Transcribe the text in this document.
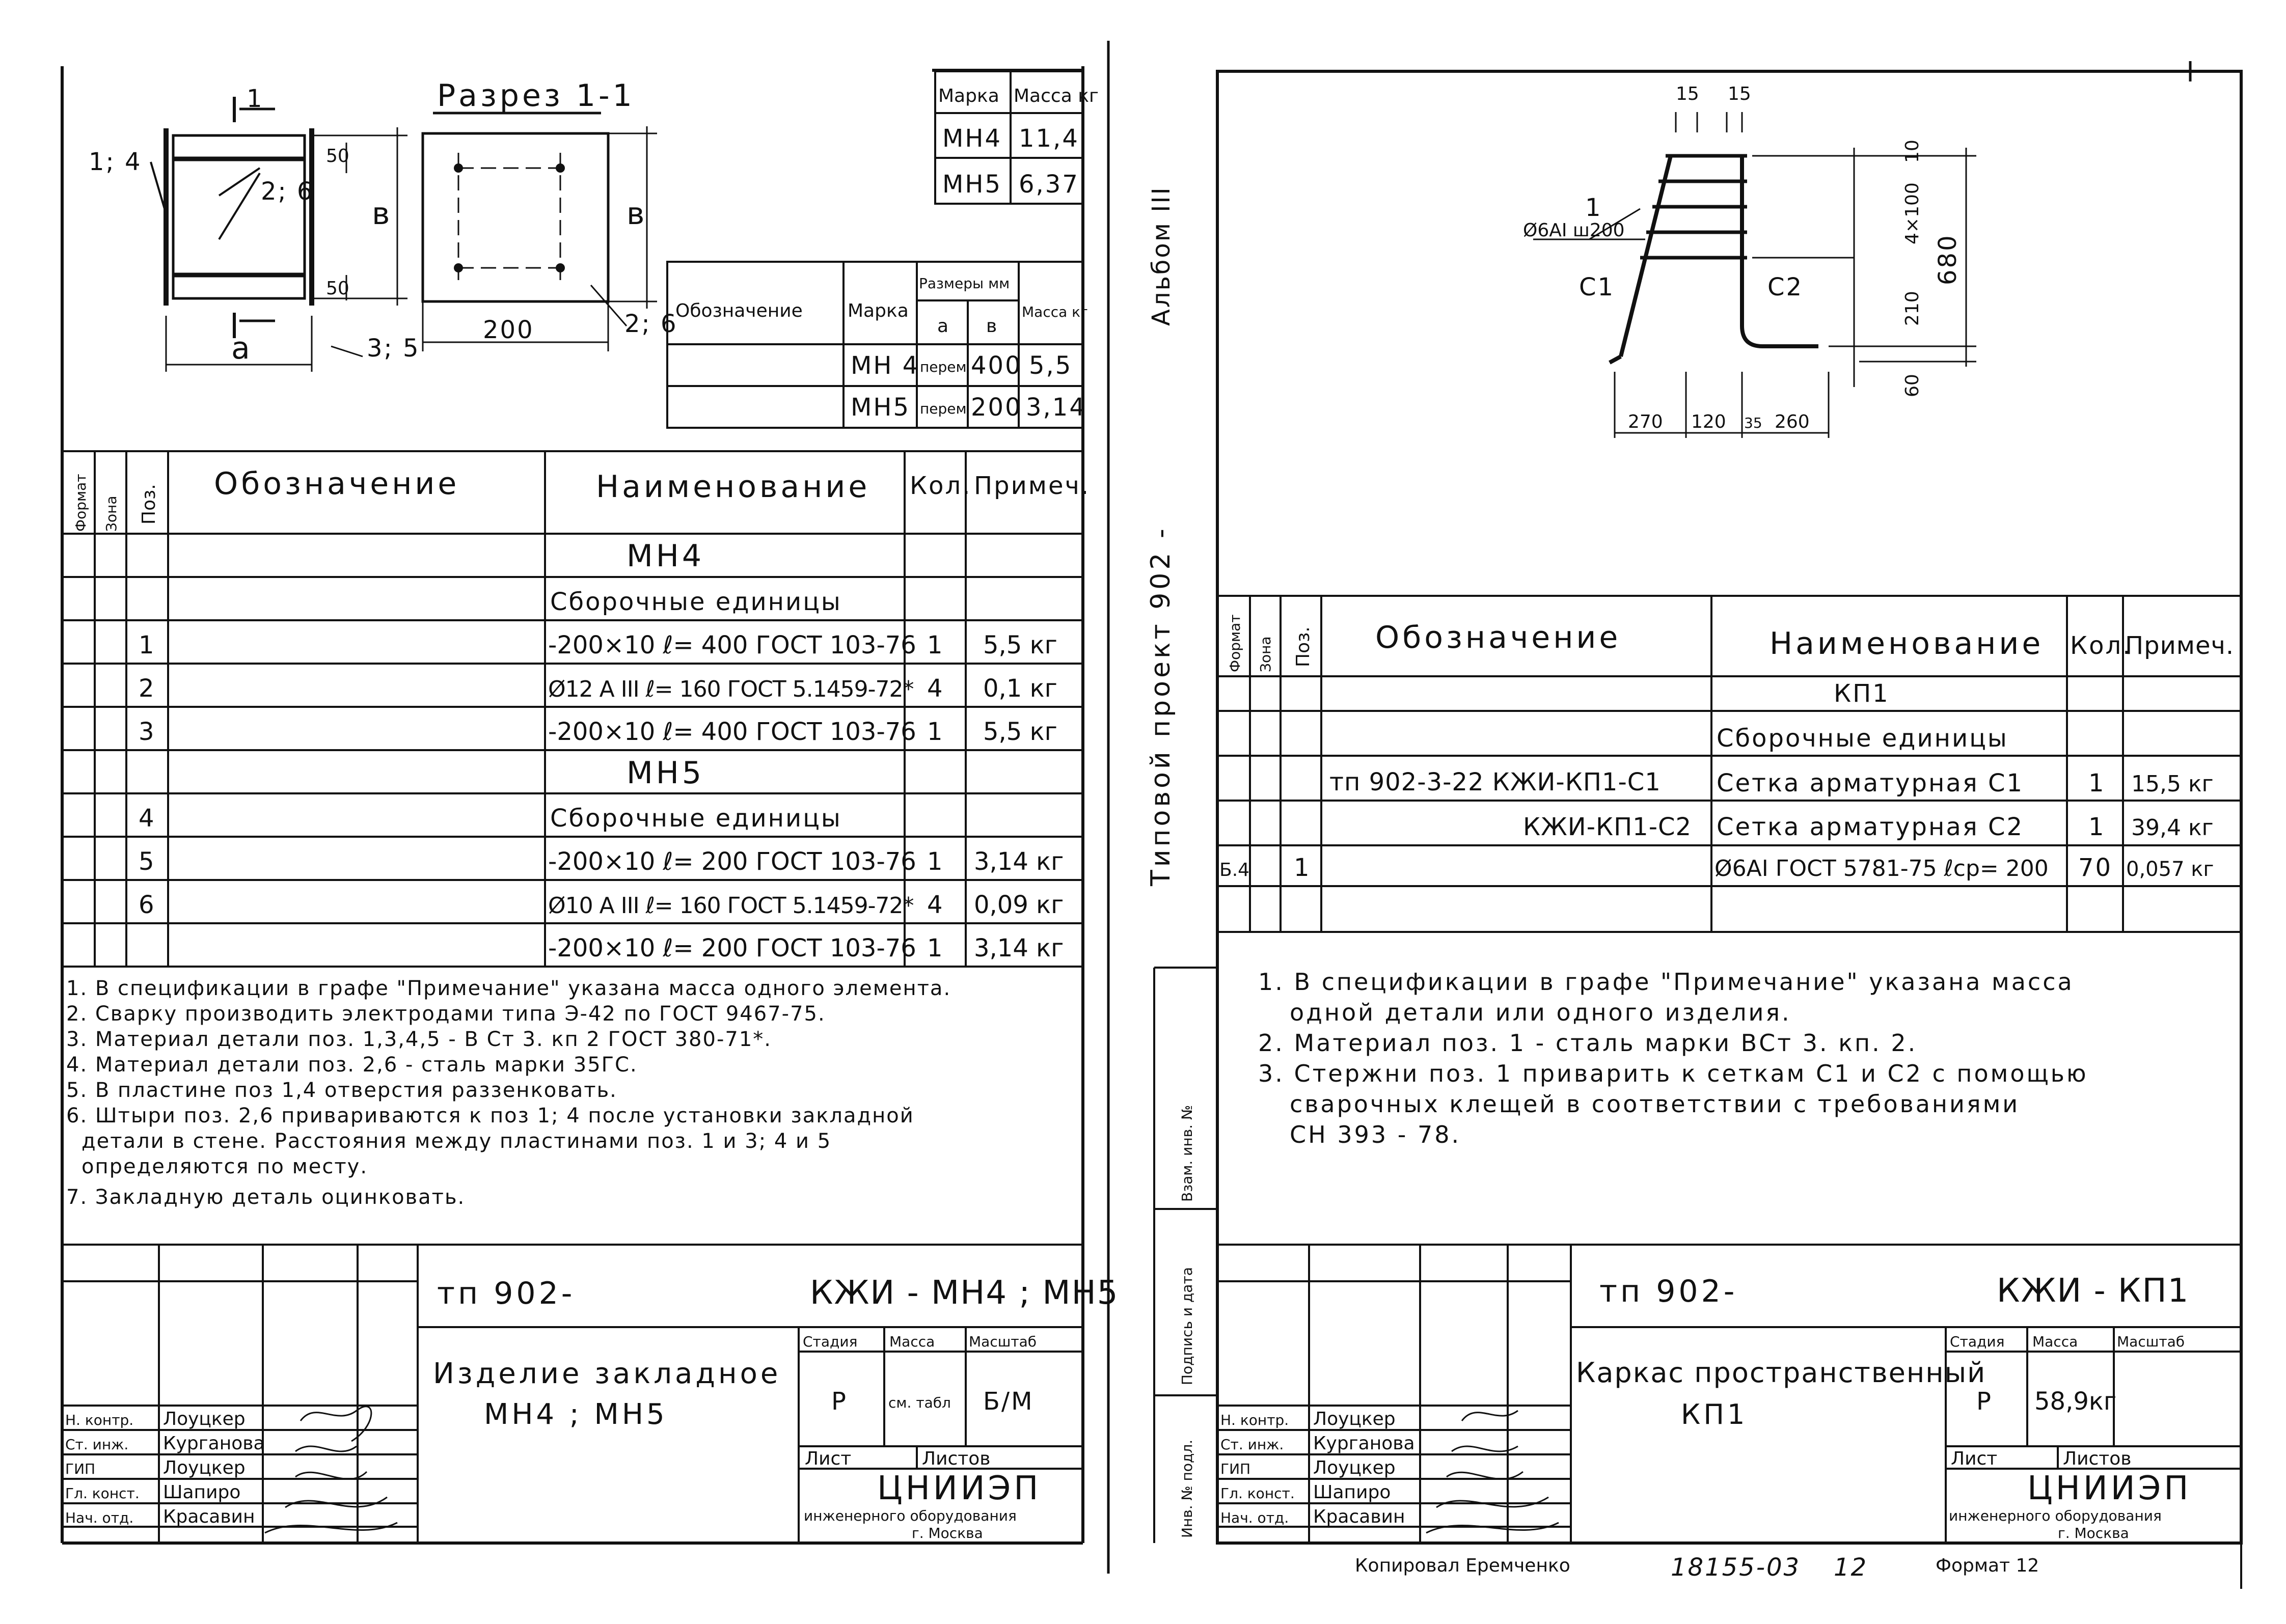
Марка Масса кг
МН4 11,4
МН5 6,37
Обозначение Марка
Размеры мм
а в
Масса кг
МН 4 перем 400 5,5
МН5 перем 200 3,14
Разрез 1-1
1
1; 4
2; 6
3; 5
2; 6
50
50
в	в
а
200
Формат Зона Поз.
Обозначение	Наименование Кол. Примеч.
МН4
Сборочные единицы
1	-200×10 ℓ= 400 ГОСТ 103-76 1 5,5 кг
2	Ø12 А III ℓ= 160 ГОСТ 5.1459-72* 4 0,1 кг
3	-200×10 ℓ= 400 ГОСТ 103-76 1 5,5 кг
МН5
4	Сборочные единицы
5	-200×10 ℓ= 200 ГОСТ 103-76 1 3,14 кг
6	Ø10 А III ℓ= 160 ГОСТ 5.1459-72* 4 0,09 кг
-200×10 ℓ= 200 ГОСТ 103-76 1 3,14 кг
1. В спецификации в графе "Примечание" указана масса одного элемента.
2. Сварку производить электродами типа Э-42 по ГОСТ 9467-75.
3. Материал детали поз. 1,3,4,5 - В Ст 3. кп 2 ГОСТ 380-71*.
4. Материал детали поз. 2,6 - сталь марки 35ГС.
5. В пластине поз 1,4 отверстия раззенковать.
6. Штыри поз. 2,6 привариваются к поз 1; 4 после установки закладной
детали в стене. Расстояния между пластинами поз. 1 и 3; 4 и 5
определяются по месту.
7. Закладную деталь оцинковать.
тп 902-	КЖИ - МН4 ; МН5
Изделие закладное
МН4 ; МН5
Стадия Масса Масштаб
Р	см. табл Б/М
Лист	Листов
ЦНИИЭП
инженерного оборудования
г. Москва
Н. контр. Лоуцкер
Ст. инж. Курганова
ГИП	Лоуцкер
Гл. конст. Шапиро
Нач. отд. Красавин
Альбом III
Типовой проект 902 -
Взам. инв. №
Подпись и дата
Инв. № подл.
15 15
1
Ø6АI ш200
С1	С2
10
4×100
680
210
60
270 120 35 260
Формат Зона Поз. Обозначение	Наименование Кол.
Примеч.
КП1
Сборочные единицы
тп 902-3-22 КЖИ-КП1-С1 Сетка арматурная С1	1 15,5 кг
КЖИ-КП1-С2 Сетка арматурная С2	1 39,4 кг
Б.4 1	Ø6АI ГОСТ 5781-75 ℓср= 200 70 0,057 кг
1. В спецификации в графе "Примечание" указана масса
одной детали или одного изделия.
2. Материал поз. 1 - сталь марки ВСт 3. кп. 2.
3. Стержни поз. 1 приварить к сеткам С1 и С2 с помощью
сварочных клещей в соответствии с требованиями
СН 393 - 78.
тп 902-	КЖИ - КП1
Каркас пространственный
КП1
Стадия Масса	Масштаб
Р 58,9кг
Лист	Листов
ЦНИИЭП
инженерного оборудования
г. Москва
Н. контр. Лоуцкер
Ст. инж. Курганова
ГИП	Лоуцкер
Гл. конст. Шапиро
Нач. отд. Красавин
Копировал Еремченко	18155-03 12	Формат 12
